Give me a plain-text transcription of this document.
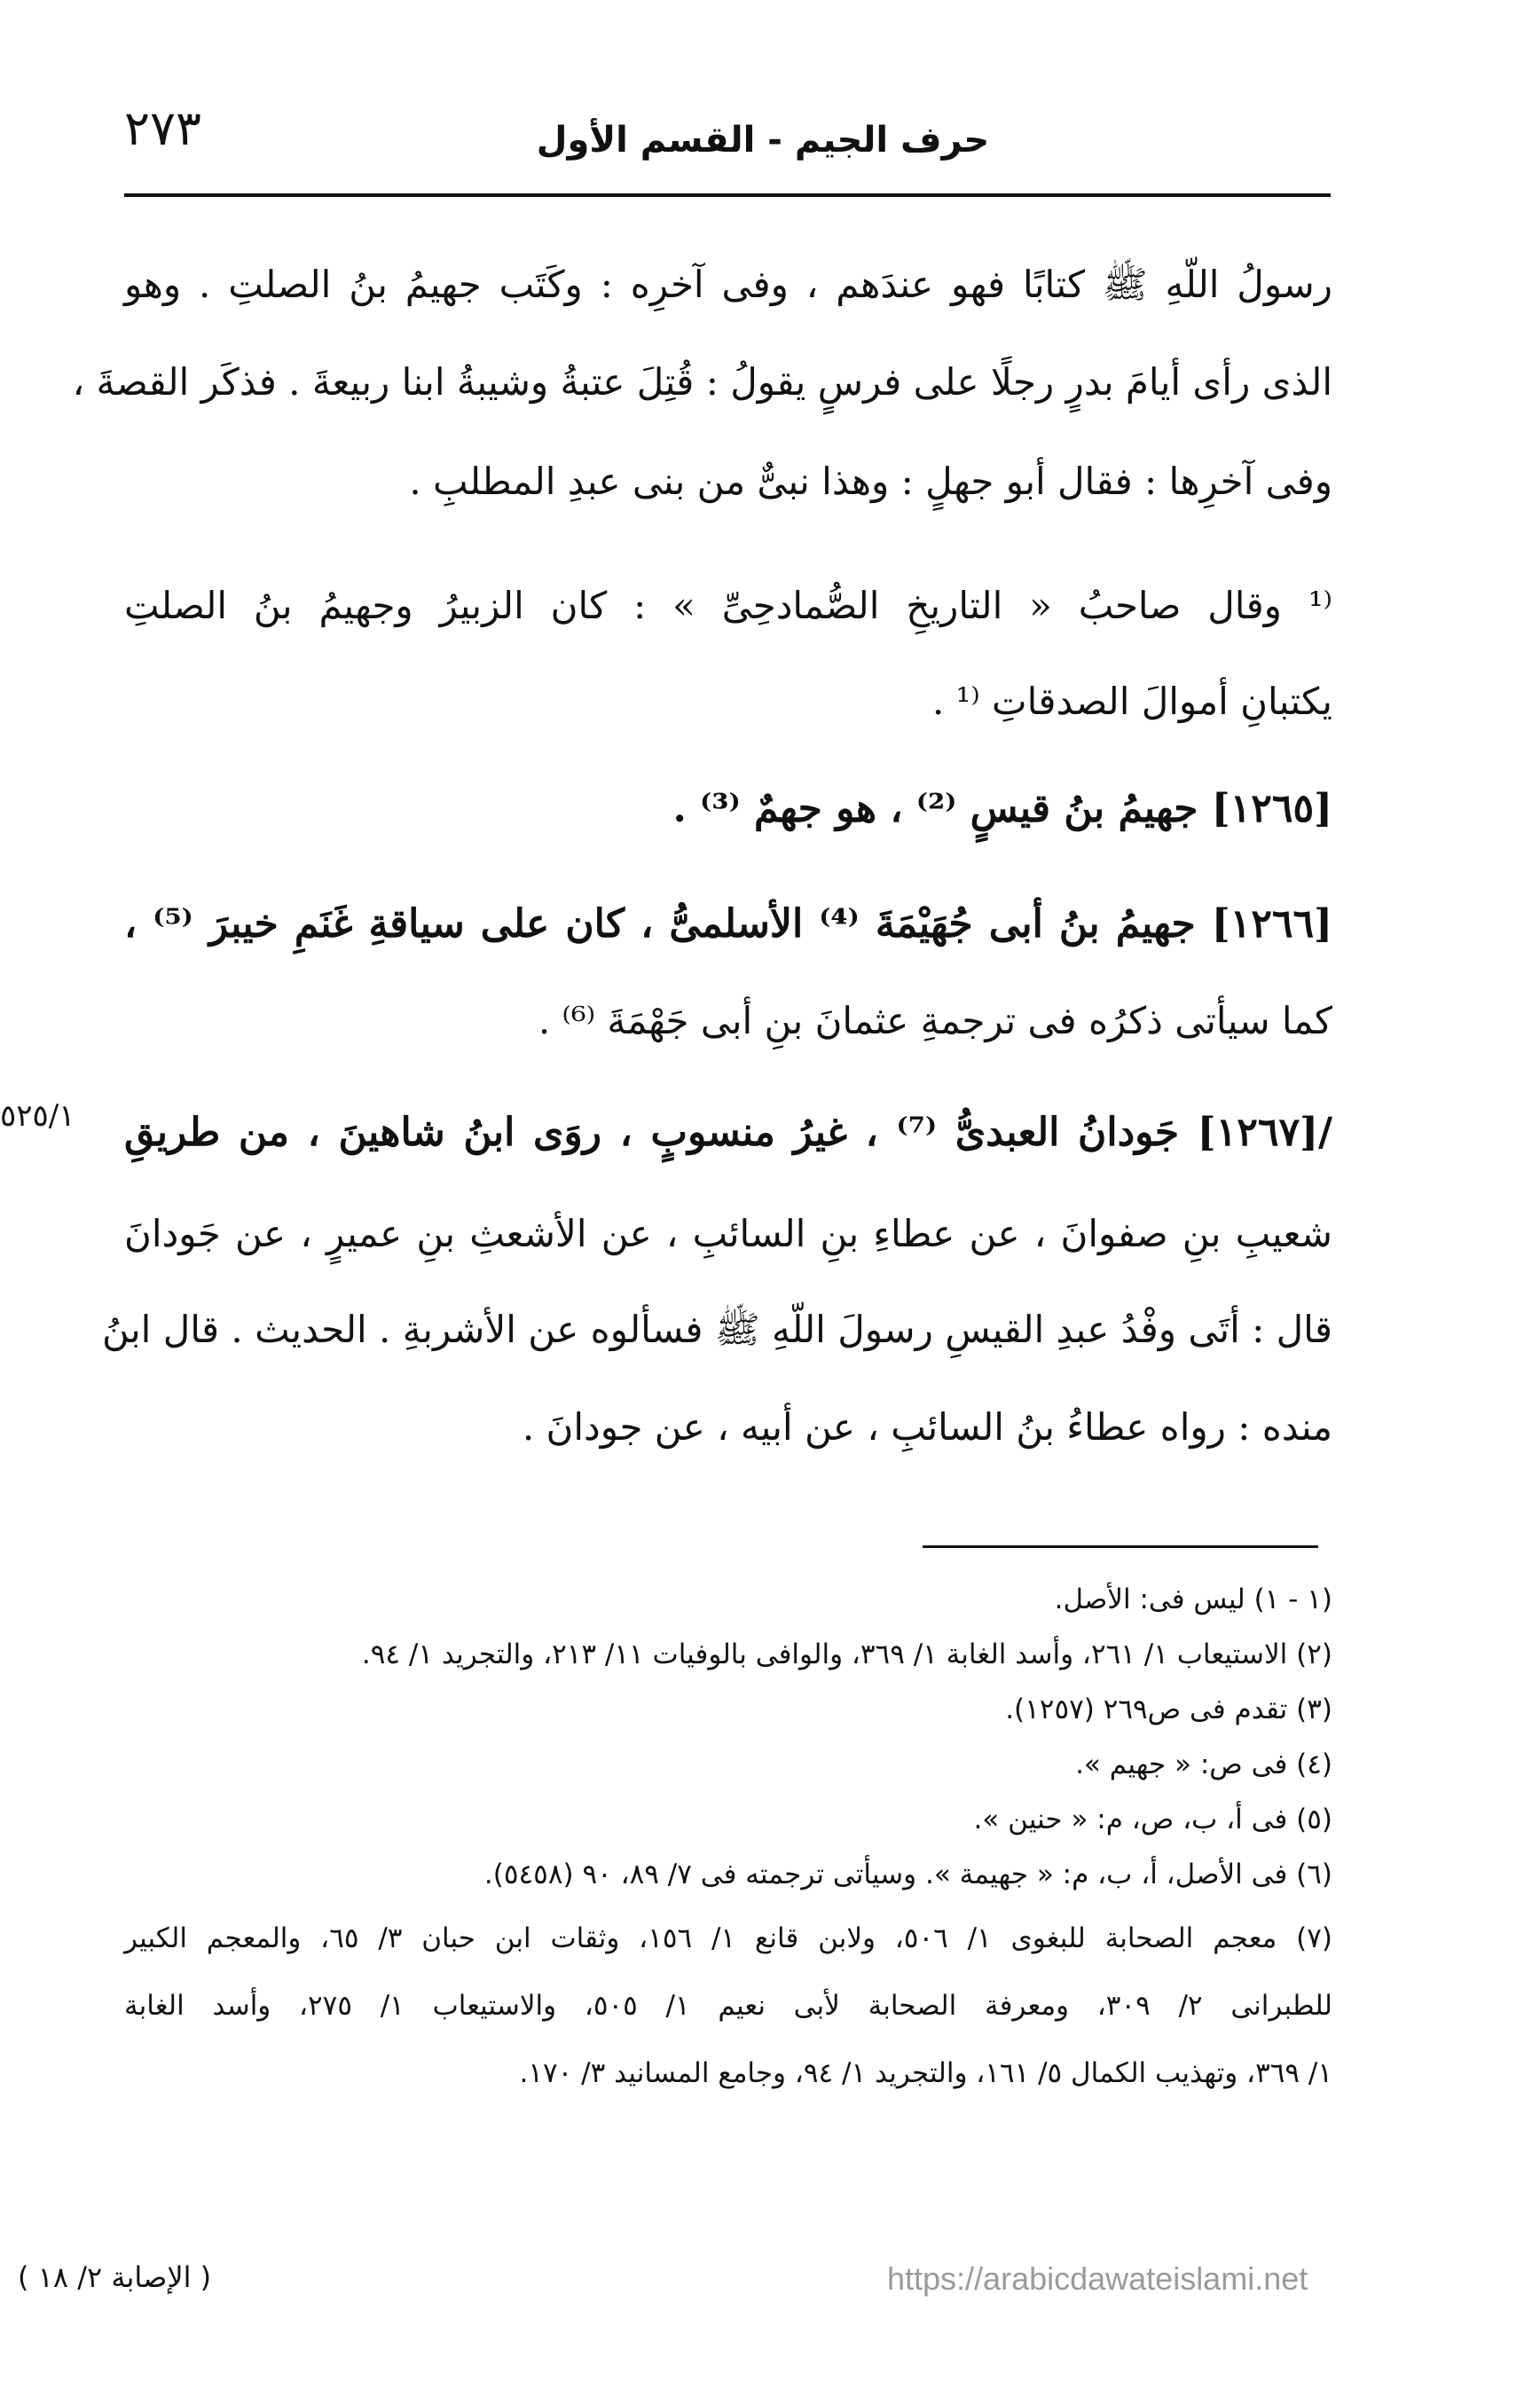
٢٧٣	حرف الجيم - القسم الأول
رسولُ اللّهِ ﷺ كتابًا فهو عندَهم ، وفى آخرِه : وكَتَب جهيمُ بنُ الصلتِ . وهو
الذى رأى أيامَ بدرٍ رجلًا على فرسٍ يقولُ : قُتِلَ عتبةُ وشيبةُ ابنا ربيعةَ . فذكَر القصةَ ،
وفى آخرِها : فقال أبو جهلٍ : وهذا نبىٌّ من بنى عبدِ المطلبِ .
⁽¹ وقال صاحبُ « التاريخِ الصُّمادحِىِّ » : كان الزبيرُ وجهيمُ بنُ الصلتِ
يكتبانِ أموالَ الصدقاتِ ⁽¹ .
[١٢٦٥] جهيمُ بنُ قيسٍ ⁽²⁾ ، هو جهمٌ ⁽³⁾ .
[١٢٦٦] جهيمُ بنُ أبى جُهَيْمَةَ ⁽⁴⁾ الأسلمىُّ ، كان على سياقةِ غَنَمِ خيبرَ ⁽⁵⁾ ،
كما سيأتى ذكرُه فى ترجمةِ عثمانَ بنِ أبى جَهْمَةَ ⁽⁶⁾ .
/[١٢٦٧] جَودانُ العبدىُّ ⁽⁷⁾ ، غيرُ منسوبٍ ، روَى ابنُ شاهينَ ، من طريقِ
شعيبِ بنِ صفوانَ ، عن عطاءِ بنِ السائبِ ، عن الأشعثِ بنِ عميرٍ ، عن جَودانَ
قال : أتَى وفْدُ عبدِ القيسِ رسولَ اللّهِ ﷺ فسألوه عن الأشربةِ . الحديث . قال ابنُ
منده : رواه عطاءُ بنُ السائبِ ، عن أبيه ، عن جودانَ .
٥٢٥/١
(١ - ١) ليس فى: الأصل.
(٢) الاستيعاب ١/ ٢٦١، وأسد الغابة ١/ ٣٦٩، والوافى بالوفيات ١١/ ٢١٣، والتجريد ١/ ٩٤.
(٣) تقدم فى ص٢٦٩ (١٢٥٧).
(٤) فى ص: « جهيم ».
(٥) فى أ، ب، ص، م: « حنين ».
(٦) فى الأصل، أ، ب، م: « جهيمة ». وسيأتى ترجمته فى ٧/ ٨٩، ٩٠ (٥٤٥٨).
(٧) معجم الصحابة للبغوى ١/ ٥٠٦، ولابن قانع ١/ ١٥٦، وثقات ابن حبان ٣/ ٦٥، والمعجم الكبير
للطبرانى ٢/ ٣٠٩، ومعرفة الصحابة لأبى نعيم ١/ ٥٠٥، والاستيعاب ١/ ٢٧٥، وأسد الغابة
١/ ٣٦٩، وتهذيب الكمال ٥/ ١٦١، والتجريد ١/ ٩٤، وجامع المسانيد ٣/ ١٧٠.
( الإصابة ٢/ ١٨ )	https://arabicdawateislami.net
